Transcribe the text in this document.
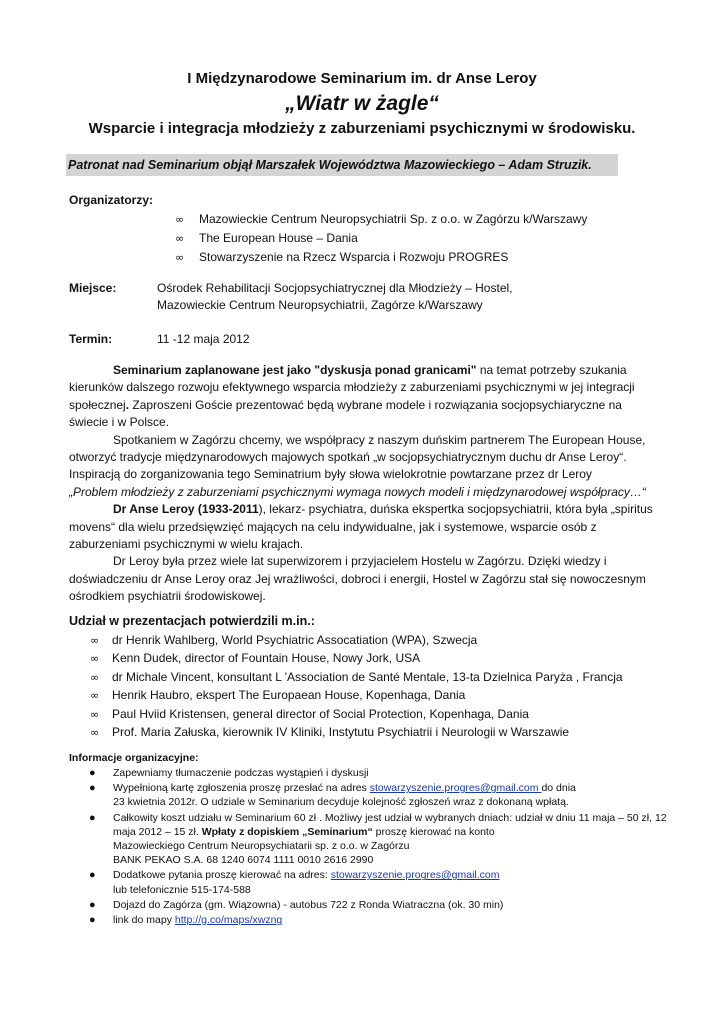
I Międzynarodowe Seminarium im. dr Anse Leroy
„Wiatr w żagle“
Wsparcie i integracja młodzieży z zaburzeniami psychicznymi w środowisku.
Patronat nad Seminarium objął Marszałek Województwa Mazowieckiego – Adam Struzik.
Organizatorzy:
∞ Mazowieckie Centrum Neuropsychiatrii Sp. z o.o. w Zagórzu k/Warszawy
∞ The European House – Dania
∞ Stowarzyszenie na Rzecz Wsparcia i Rozwoju PROGRES
Miejsce:	Ośrodek Rehabilitacji Socjopsychiatrycznej dla Młodzieży – Hostel,
Mazowieckie Centrum Neuropsychiatrii, Zagórze k/Warszawy
Termin:	11 -12 maja 2012

Seminarium zaplanowane jest jako "dyskusja ponad granicami" na temat potrzeby szukania kierunków dalszego rozwoju efektywnego wsparcia młodzieży z zaburzeniami psychicznymi w jej integracji społecznej. Zaproszeni Goście prezentować będą wybrane modele i rozwiązania socjopsychiaryczne na świecie i w Polsce.

Spotkaniem w Zagórzu chcemy, we współpracy z naszym duńskim partnerem The European House, otworzyć tradycje międzynarodowych majowych spotkań „w socjopsychiatrycznym duchu dr Anse Leroy“. Inspiracją do zorganizowania tego Seminatrium były słowa wielokrotnie powtarzane przez dr Leroy
„Problem młodzieży z zaburzeniami psychicznymi wymaga nowych modeli i międzynarodowej współpracy…“

Dr Anse Leroy (1933-2011), lekarz- psychiatra, duńska ekspertka socjopsychiatrii, która była „spiritus movens“ dla wielu przedsięwzięć mających na celu indywidualne, jak i systemowe, wsparcie osób z zaburzeniami psychicznymi w wielu krajach.

Dr Leroy była przez wiele lat superwizorem i przyjacielem Hostelu w Zagórzu. Dzięki wiedzy i doświadczeniu dr Anse Leroy oraz Jej wrażliwości, dobroci i energii, Hostel w Zagórzu stał się nowoczesnym ośrodkiem psychiatrii środowiskowej.

Udział w prezentacjach potwierdzili m.in.:
∞ dr Henrik Wahlberg, World Psychiatric Assocatiation (WPA), Szwecja
∞ Kenn Dudek, director of Fountain House, Nowy Jork, USA
∞ dr Michale Vincent, konsultant L 'Association de Santé Mentale, 13-ta Dzielnica Paryża , Francja
∞ Henrik Haubro, ekspert The Europaean House, Kopenhaga, Dania
∞ Paul Hviid Kristensen, general director of Social Protection, Kopenhaga, Dania
∞ Prof. Maria Załuska, kierownik IV Kliniki, Instytutu Psychiatrii i Neurologii w Warszawie
Informacje organizacyjne:
● Zapewniamy tłumaczenie podczas wystąpień i dyskusji
● Wypełnioną kartę zgłoszenia proszę przesłać na adres stowarzyszenie.progres@gmail.com do dnia
23 kwietnia 2012r. O udziale w Seminarium decyduje kolejność zgłoszeń wraz z dokonaną wpłatą.
● Całkowity koszt udziału w Seminarium 60 zł . Możliwy jest udział w wybranych dniach: udział w dniu 11 maja – 50 zł, 12 maja 2012 – 15 zł. Wpłaty z dopiskiem „Seminarium“ proszę kierować na konto
Mazowieckiego Centrum Neuropsychiatarii sp. z o.o. w Zagórzu
BANK PEKAO S.A. 68 1240 6074 1111 0010 2616 2990
● Dodatkowe pytania proszę kierować na adres: stowarzyszenie.progres@gmail.com
lub telefonicznie 515-174-588
● Dojazd do Zagórza (gm. Wiązowna) - autobus 722 z Ronda Wiatraczna (ok. 30 min)
● link do mapy http://g.co/maps/xwzng
